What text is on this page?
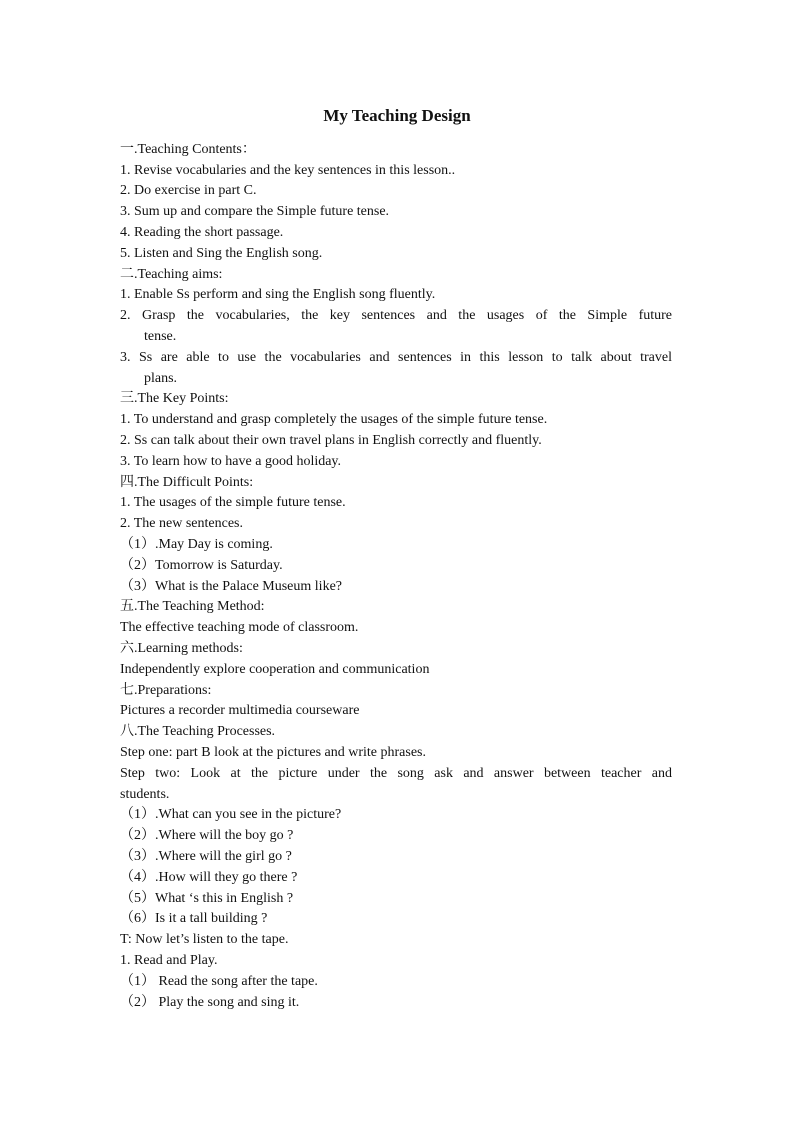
My Teaching Design
一.Teaching Contents：
1. Revise vocabularies and the key sentences in this lesson..
2. Do exercise in part C.
3. Sum up and compare the Simple future tense.
4. Reading the short passage.
5. Listen and Sing the English song.
二.Teaching aims:
1. Enable Ss perform and sing the English song fluently.
2. Grasp the vocabularies, the key sentences and the usages of the Simple future
tense.
3. Ss are able to use the vocabularies and sentences in this lesson to talk about travel
plans.
三.The Key Points:
1. To understand and grasp completely the usages of the simple future tense.
2. Ss can talk about their own travel plans in English correctly and fluently.
3. To learn how to have a good holiday.
四.The Difficult Points:
1. The usages of the simple future tense.
2. The new sentences.
（1）.May Day is coming.
（2）Tomorrow is Saturday.
（3）What is the Palace Museum like?
五.The Teaching Method:
The effective teaching mode of classroom.
六.Learning methods:
Independently explore cooperation and communication
七.Preparations:
Pictures a recorder multimedia courseware
八.The Teaching Processes.
Step one: part B look at the pictures and write phrases.
Step two: Look at the picture under the song ask and answer between teacher and
students.
（1）.What can you see in the picture?
（2）.Where will the boy go ?
（3）.Where will the girl go ?
（4）.How will they go there ?
（5）What ‘s this in English ?
（6）Is it a tall building ?
T: Now let’s listen to the tape.
1. Read and Play.
（1） Read the song after the tape.
（2） Play the song and sing it.
